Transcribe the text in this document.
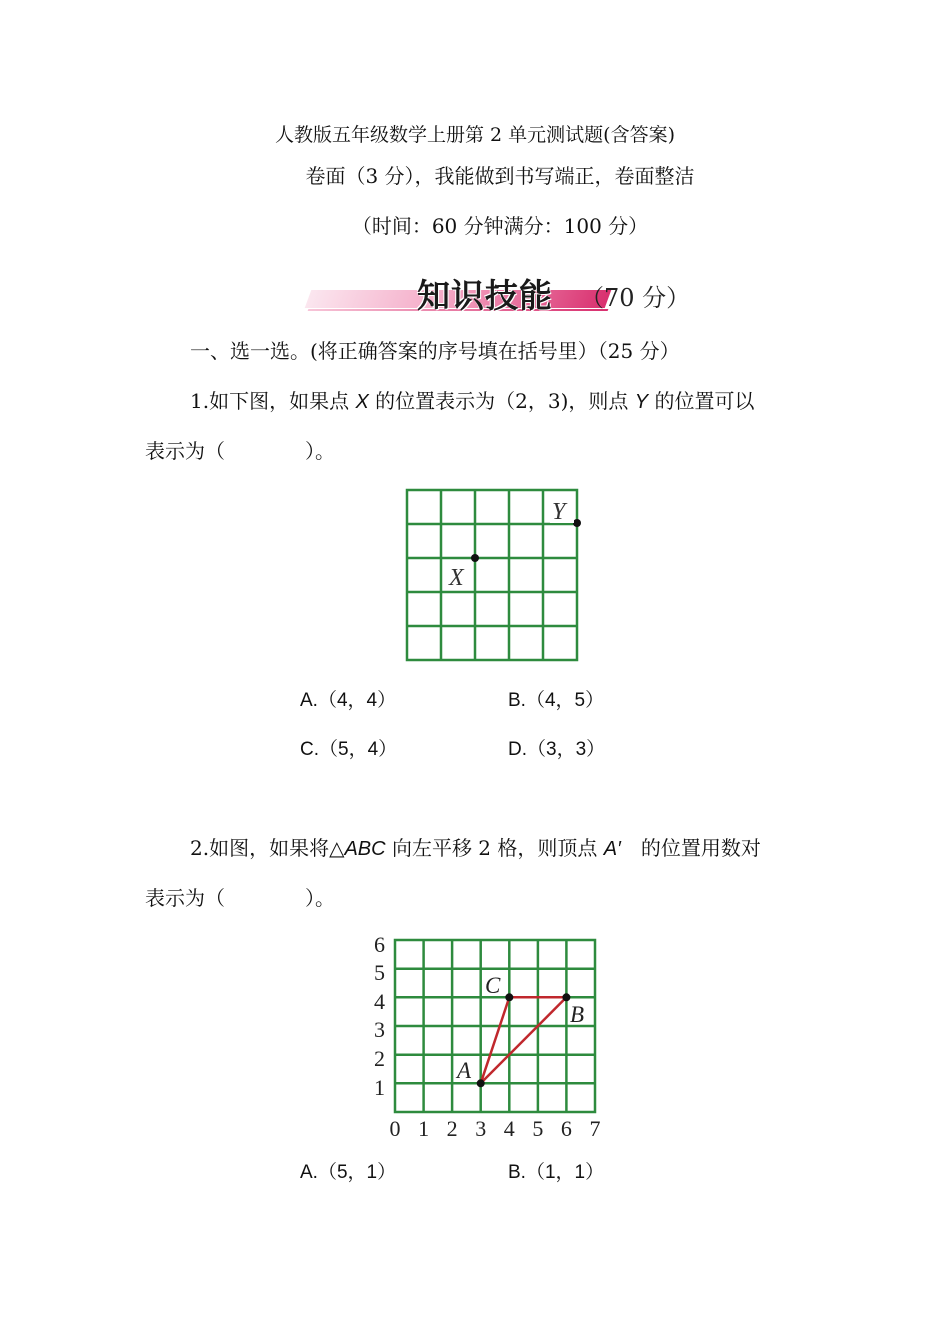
人教版五年级数学上册第 2 单元测试题(含答案)
卷面（3 分），我能做到书写端正，卷面整洁
（时间：60 分钟满分：100 分）
知识技能 （70 分）
一、选一选。(将正确答案的序号填在括号里）（25 分）
1.如下图，如果点 X 的位置表示为（2，3)，则点 Y 的位置可以
表示为（　　　　）。
X
Y
A.（4，4）	B.（4，5）
C.（5，4）	D.（3，3）
2.如图，如果将△ABC 向左平移 2 格，则顶点 A′　的位置用数对
表示为（　　　　）。
6
5
4
3
2
1
0 1 2 3 4 5 6 7
A
B
C
A.（5，1）	B.（1，1）
